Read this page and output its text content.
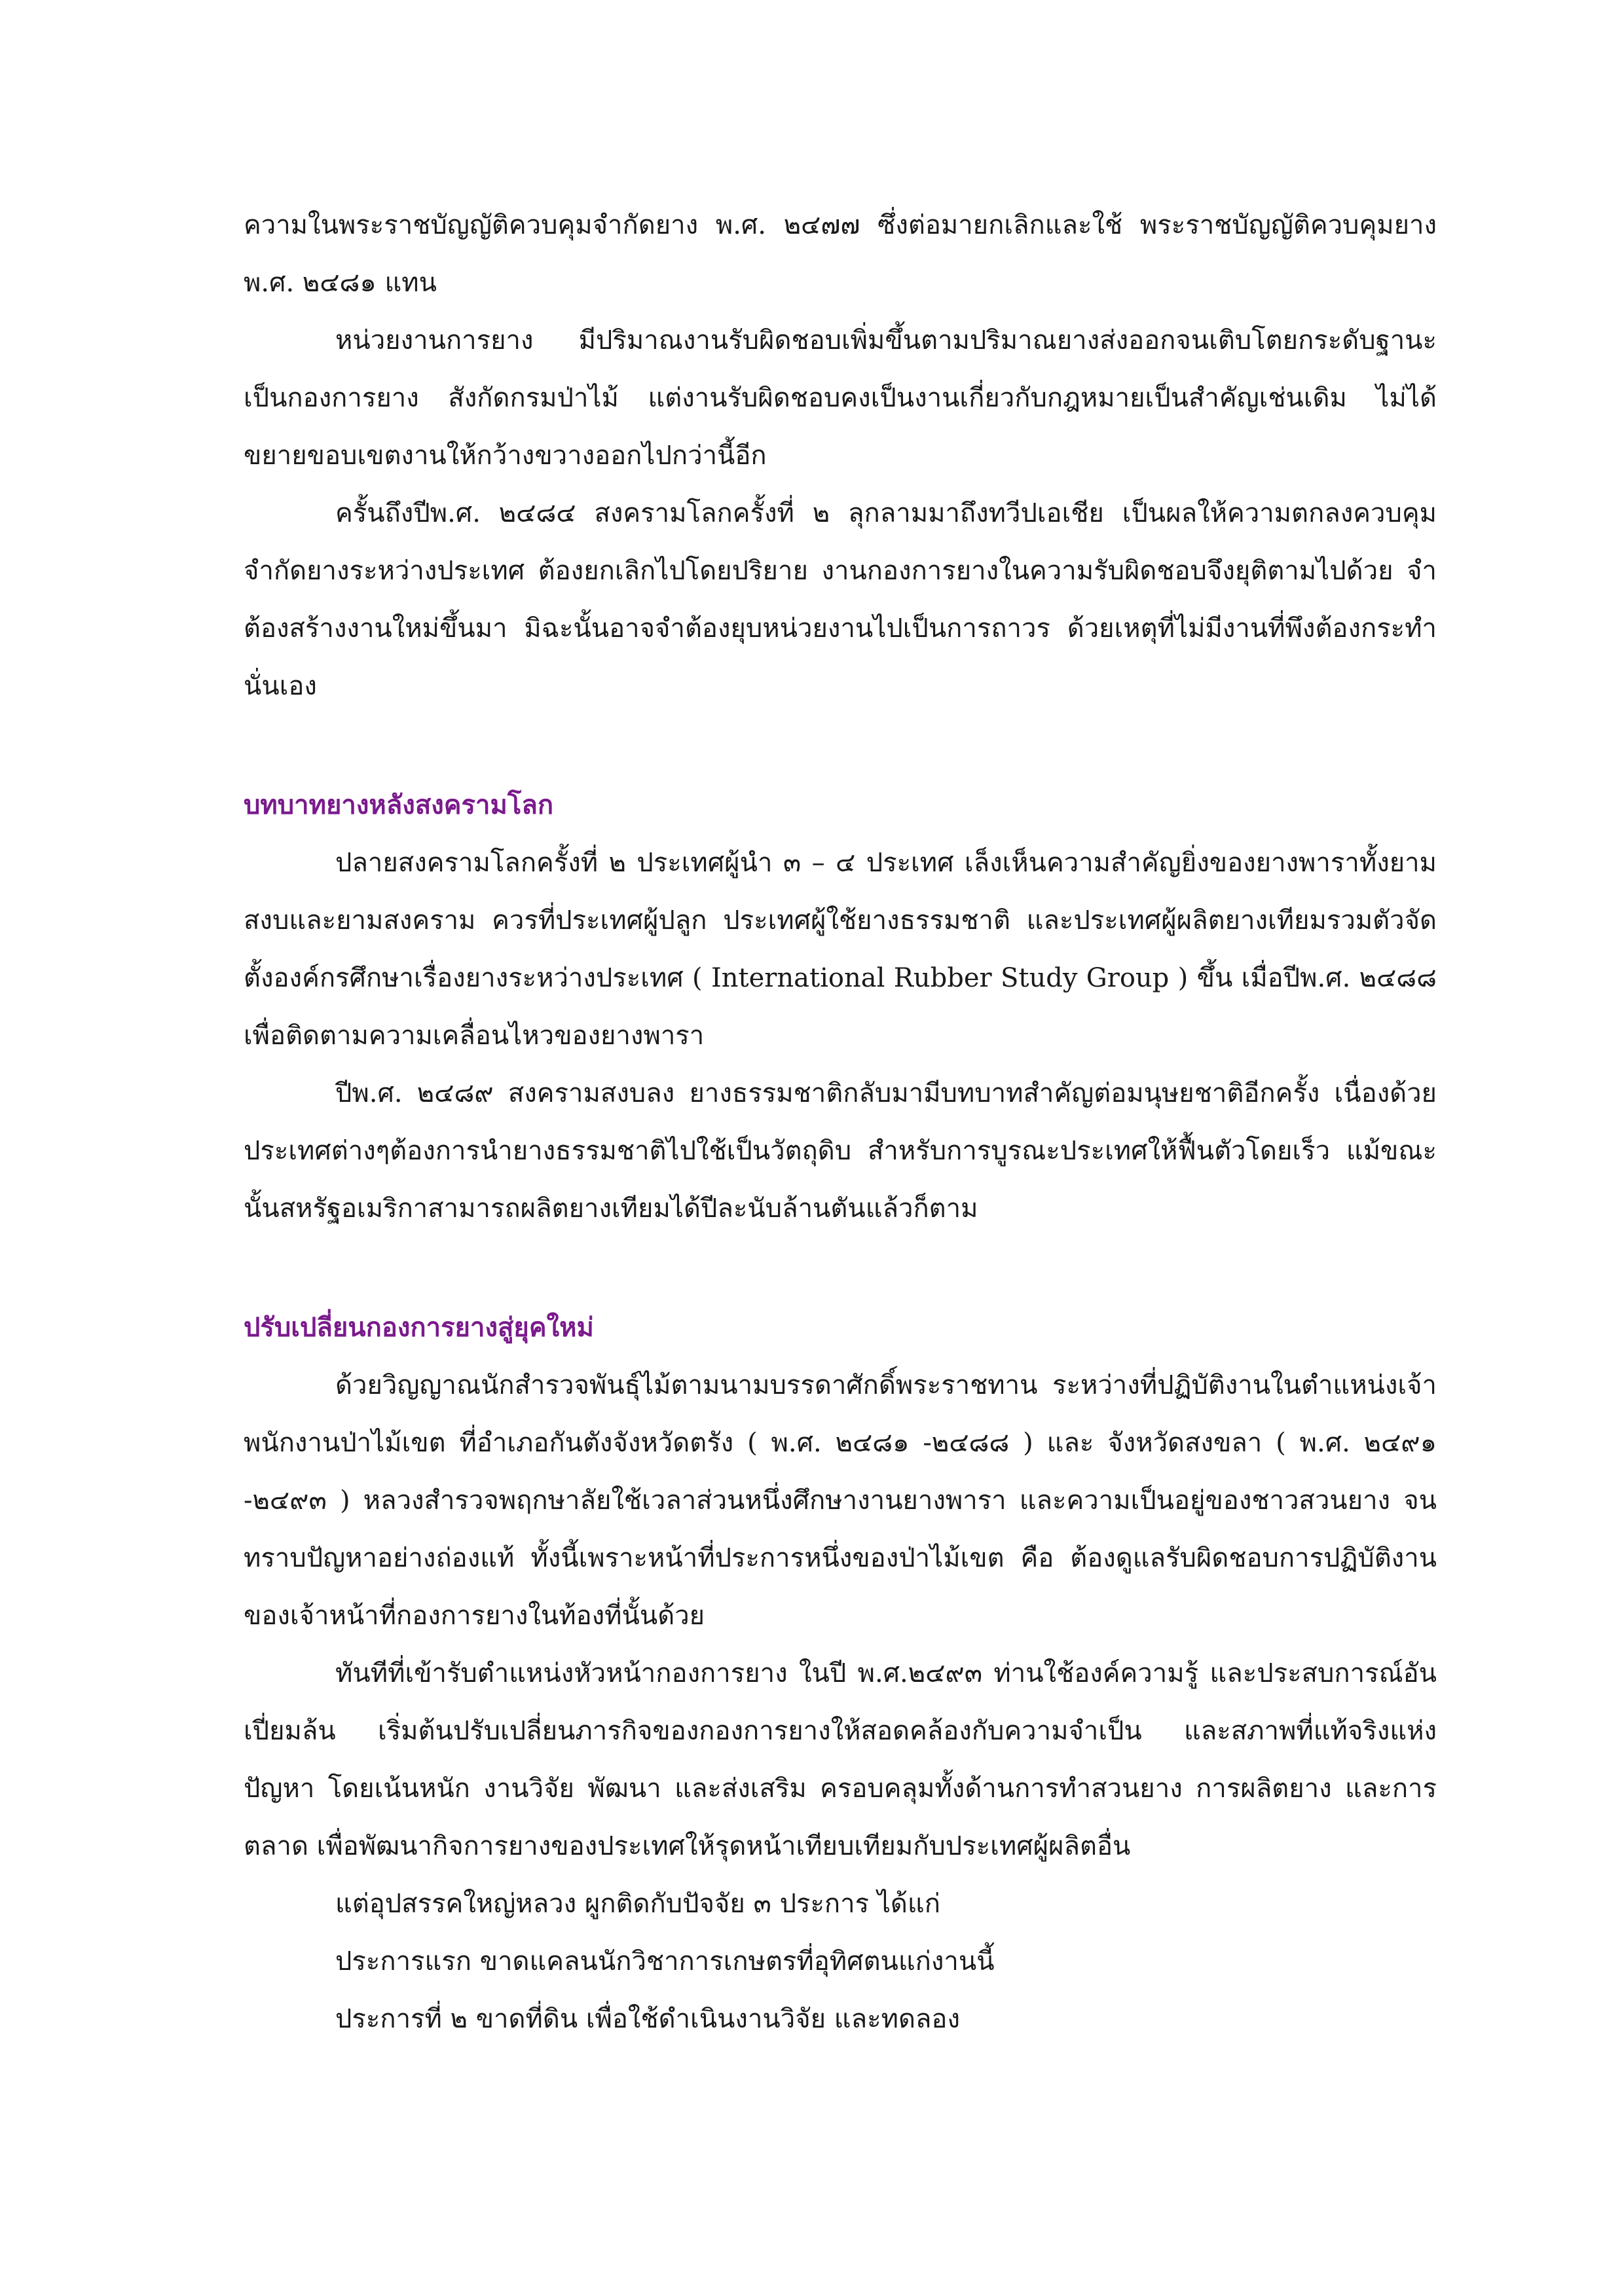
ความในพระราชบัญญัติควบคุมจำกัดยาง พ.ศ. ๒๔๗๗ ซึ่งต่อมายกเลิกและใช้ พระราชบัญญัติควบคุมยาง พ.ศ. ๒๔๘๑ แทน

หน่วยงานการยาง มีปริมาณงานรับผิดชอบเพิ่มขึ้นตามปริมาณยางส่งออกจนเติบโตยกระดับฐานะเป็นกองการยาง สังกัดกรมป่าไม้ แต่งานรับผิดชอบคงเป็นงานเกี่ยวกับกฎหมายเป็นสำคัญเช่นเดิม ไม่ได้ขยายขอบเขตงานให้กว้างขวางออกไปกว่านี้อีก

ครั้นถึงปีพ.ศ. ๒๔๘๔ สงครามโลกครั้งที่ ๒ ลุกลามมาถึงทวีปเอเชีย เป็นผลให้ความตกลงควบคุมจำกัดยางระหว่างประเทศ ต้องยกเลิกไปโดยปริยาย งานกองการยางในความรับผิดชอบจึงยุติตามไปด้วย จำต้องสร้างงานใหม่ขึ้นมา มิฉะนั้นอาจจำต้องยุบหน่วยงานไปเป็นการถาวร ด้วยเหตุที่ไม่มีงานที่พึงต้องกระทำนั่นเอง

บทบาทยางหลังสงครามโลก

ปลายสงครามโลกครั้งที่ ๒ ประเทศผู้นำ ๓ – ๔ ประเทศ เล็งเห็นความสำคัญยิ่งของยางพาราทั้งยามสงบและยามสงคราม ควรที่ประเทศผู้ปลูก ประเทศผู้ใช้ยางธรรมชาติ และประเทศผู้ผลิตยางเทียมรวมตัวจัดตั้งองค์กรศึกษาเรื่องยางระหว่างประเทศ ( International Rubber Study Group ) ขึ้น เมื่อปีพ.ศ. ๒๔๘๘ เพื่อติดตามความเคลื่อนไหวของยางพารา

ปีพ.ศ. ๒๔๘๙ สงครามสงบลง ยางธรรมชาติกลับมามีบทบาทสำคัญต่อมนุษยชาติอีกครั้ง เนื่องด้วยประเทศต่างๆต้องการนำยางธรรมชาติไปใช้เป็นวัตถุดิบ สำหรับการบูรณะประเทศให้ฟื้นตัวโดยเร็ว แม้ขณะนั้นสหรัฐอเมริกาสามารถผลิตยางเทียมได้ปีละนับล้านตันแล้วก็ตาม

ปรับเปลี่ยนกองการยางสู่ยุคใหม่

ด้วยวิญญาณนักสำรวจพันธุ์ไม้ตามนามบรรดาศักดิ์พระราชทาน ระหว่างที่ปฏิบัติงานในตำแหน่งเจ้าพนักงานป่าไม้เขต ที่อำเภอกันตังจังหวัดตรัง ( พ.ศ. ๒๔๘๑ -๒๔๘๘ ) และ จังหวัดสงขลา ( พ.ศ. ๒๔๙๑ -๒๔๙๓ ) หลวงสำรวจพฤกษาลัยใช้เวลาส่วนหนึ่งศึกษางานยางพารา และความเป็นอยู่ของชาวสวนยาง จนทราบปัญหาอย่างถ่องแท้ ทั้งนี้เพราะหน้าที่ประการหนึ่งของป่าไม้เขต คือ ต้องดูแลรับผิดชอบการปฏิบัติงานของเจ้าหน้าที่กองการยางในท้องที่นั้นด้วย

ทันทีที่เข้ารับตำแหน่งหัวหน้ากองการยาง ในปี พ.ศ.๒๔๙๓ ท่านใช้องค์ความรู้ และประสบการณ์อันเปี่ยมล้น เริ่มต้นปรับเปลี่ยนภารกิจของกองการยางให้สอดคล้องกับความจำเป็น และสภาพที่แท้จริงแห่งปัญหา โดยเน้นหนัก งานวิจัย พัฒนา และส่งเสริม ครอบคลุมทั้งด้านการทำสวนยาง การผลิตยาง และการตลาด เพื่อพัฒนากิจการยางของประเทศให้รุดหน้าเทียบเทียมกับประเทศผู้ผลิตอื่น

แต่อุปสรรคใหญ่หลวง ผูกติดกับปัจจัย ๓ ประการ ได้แก่

ประการแรก ขาดแคลนนักวิชาการเกษตรที่อุทิศตนแก่งานนี้

ประการที่ ๒ ขาดที่ดิน เพื่อใช้ดำเนินงานวิจัย และทดลอง
